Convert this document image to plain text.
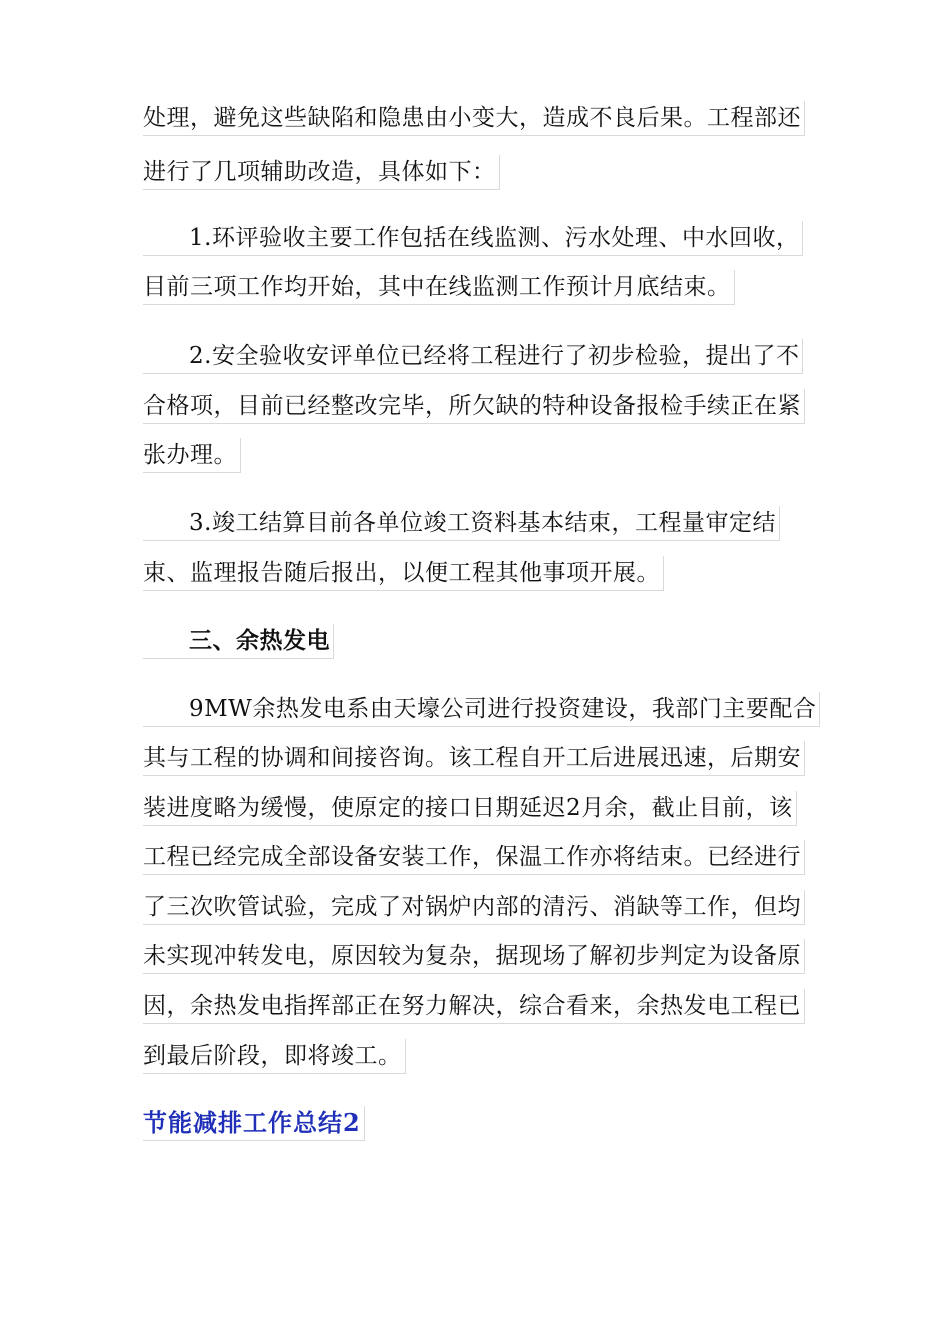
处理，避免这些缺陷和隐患由小变大，造成不良后果。工程部还
进行了几项辅助改造，具体如下：
1.环评验收主要工作包括在线监测、污水处理、中水回收，
目前三项工作均开始，其中在线监测工作预计月底结束。
2.安全验收安评单位已经将工程进行了初步检验，提出了不
合格项，目前已经整改完毕，所欠缺的特种设备报检手续正在紧
张办理。
3.竣工结算目前各单位竣工资料基本结束，工程量审定结
束、监理报告随后报出，以便工程其他事项开展。
三、余热发电
9MW余热发电系由天壕公司进行投资建设，我部门主要配合
其与工程的协调和间接咨询。该工程自开工后进展迅速，后期安
装进度略为缓慢，使原定的接口日期延迟2月余，截止目前，该
工程已经完成全部设备安装工作，保温工作亦将结束。已经进行
了三次吹管试验，完成了对锅炉内部的清污、消缺等工作，但均
未实现冲转发电，原因较为复杂，据现场了解初步判定为设备原
因，余热发电指挥部正在努力解决，综合看来，余热发电工程已
到最后阶段，即将竣工。
节能减排工作总结2
